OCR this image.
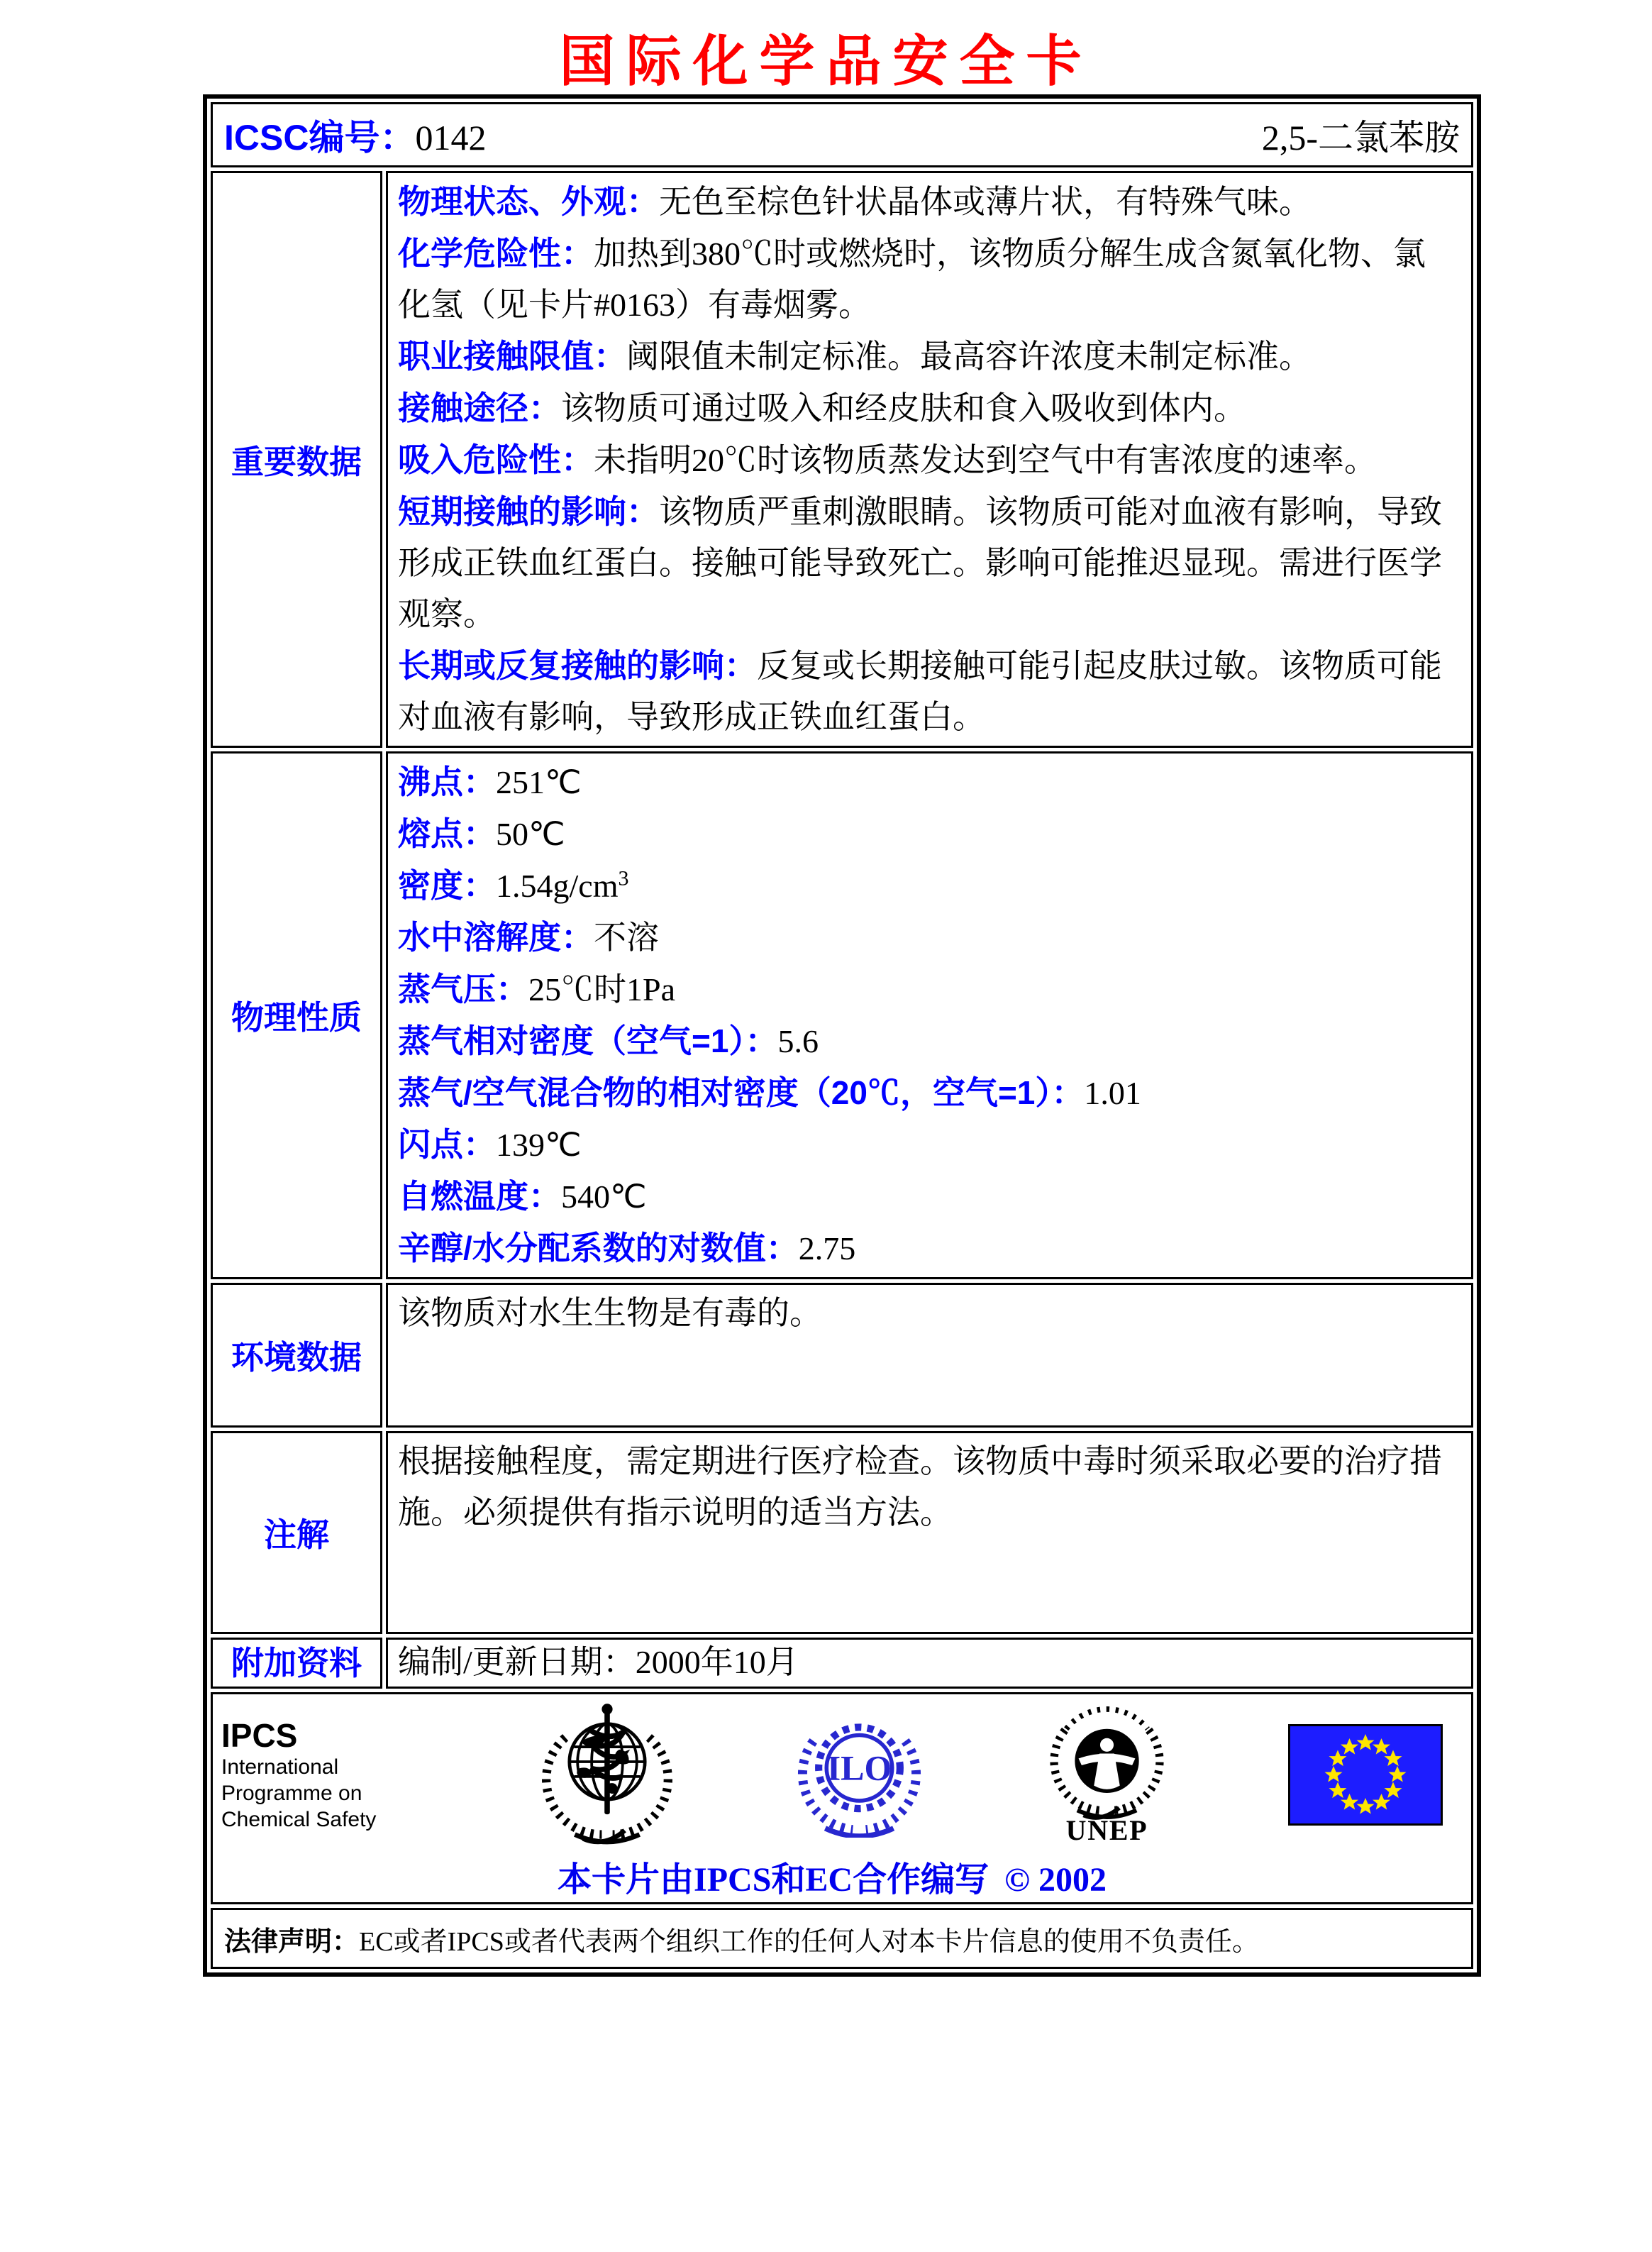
国际化学品安全卡
ICSC编号：0142 2,5-二氯苯胺	

重要数据	
物理状态、外观：无色至棕色针状晶体或薄片状，有特殊气味。
化学危险性：加热到380℃时或燃烧时，该物质分解生成含氮氧化物、氯化氢（见卡片#0163）有毒烟雾。
职业接触限值：阈限值未制定标准。最高容许浓度未制定标准。
接触途径：该物质可通过吸入和经皮肤和食入吸收到体内。
吸入危险性：未指明20℃时该物质蒸发达到空气中有害浓度的速率。
短期接触的影响：该物质严重刺激眼睛。该物质可能对血液有影响，导致形成正铁血红蛋白。接触可能导致死亡。影响可能推迟显现。需进行医学观察。
长期或反复接触的影响：反复或长期接触可能引起皮肤过敏。该物质可能对血液有影响，导致形成正铁血红蛋白。

物理性质	
沸点：251℃
熔点：50℃
密度：$1.54g/cm^3$
水中溶解度：不溶
蒸气压：25℃时1Pa
蒸气相对密度（空气=1）：5.6
蒸气/空气混合物的相对密度（20℃，空气=1）：1.01
闪点：139℃
自燃温度：540℃
辛醇/水分配系数的对数值：2.75

环境数据	该物质对水生生物是有毒的。
注解	根据接触程度，需定期进行医疗检查。该物质中毒时须采取必要的治疗措施。必须提供有指示说明的适当方法。
附加资料	编制/更新日期：2000年10月

IPCS
International
Programme on
Chemical Safety
ILO
UNEP
本卡片由IPCS和EC合作编写 © 2002

法律声明：EC或者IPCS或者代表两个组织工作的任何人对本卡片信息的使用不负责任。	
